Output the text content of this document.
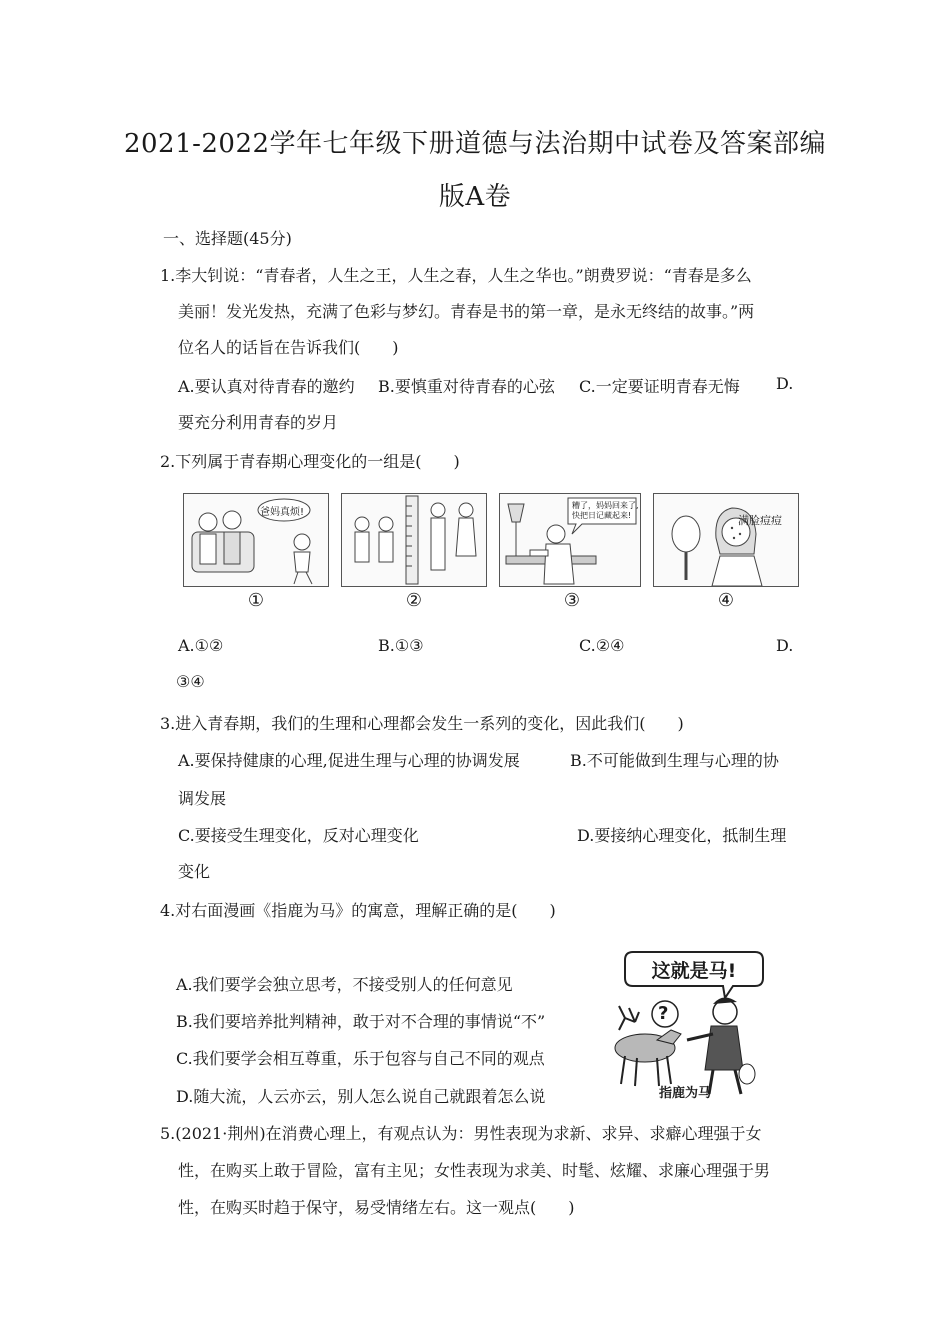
2021-2022学年七年级下册道德与法治期中试卷及答案部编
版A卷
一、选择题(45分)
1.李大钊说：“青春者，人生之王，人生之春，人生之华也。”朗费罗说：“青春是多么
美丽！发光发热，充满了色彩与梦幻。青春是书的第一章，是永无终结的故事。”两
位名人的话旨在告诉我们(　　)
A.要认真对待青春的邀约 B.要慎重对待青春的心弦 C.一定要证明青春无悔 D.
要充分利用青春的岁月
2.下列属于青春期心理变化的一组是(　　)
爸妈真烦!
糟了，妈妈回来了,
快把日记藏起来!	满脸痘痘
①	②	③	④
A.①②	B.①③	C.②④	D.
③④
3.进入青春期，我们的生理和心理都会发生一系列的变化，因此我们(　　)
A.要保持健康的心理,促进生理与心理的协调发展	B.不可能做到生理与心理的协
调发展
C.要接受生理变化，反对心理变化	D.要接纳心理变化，抵制生理
变化
4.对右面漫画《指鹿为马》的寓意，理解正确的是(　　)
A.我们要学会独立思考，不接受别人的任何意见
B.我们要培养批判精神，敢于对不合理的事情说“不”
C.我们要学会相互尊重，乐于包容与自己不同的观点
D.随大流，人云亦云，别人怎么说自己就跟着怎么说
这就是马!
?
指鹿为马
5.(2021·荆州)在消费心理上，有观点认为：男性表现为求新、求异、求癖心理强于女
性，在购买上敢于冒险，富有主见；女性表现为求美、时髦、炫耀、求廉心理强于男
性，在购买时趋于保守，易受情绪左右。这一观点(　　)
